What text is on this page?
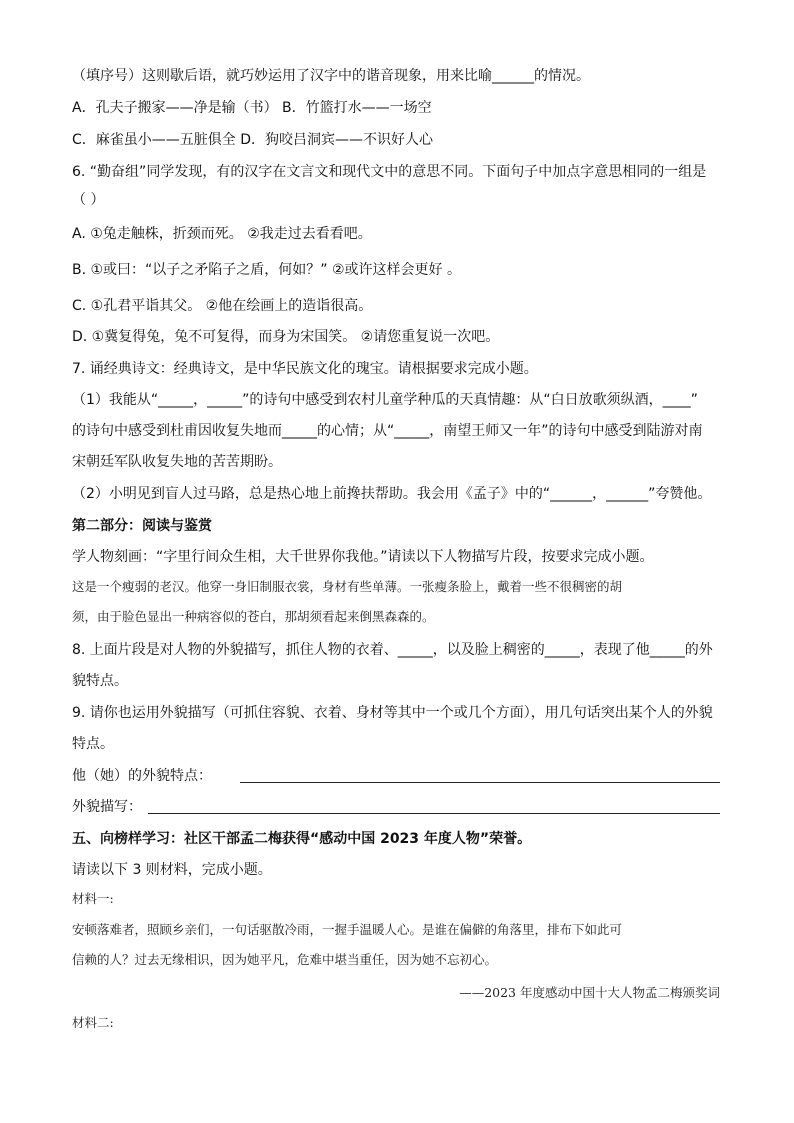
（填序号）这则歇后语，就巧妙运用了汉字中的谐音现象，用来比喻______的情况。
A．孔夫子搬家——净是输（书） B．竹篮打水——一场空
C．麻雀虽小——五脏俱全 D．狗咬吕洞宾——不识好人心
6. “勤奋组”同学发现，有的汉字在文言文和现代文中的意思不同。下面句子中加点字意思相同的一组是
（ ）
A. ①兔走触株，折颈而死。 ②我走过去看看吧。
B. ①或曰：“以子之矛陷子之盾，何如？” ②或许这样会更好 。
C. ①孔君平诣其父。 ②他在绘画上的造诣很高。
D. ①冀复得兔，兔不可复得，而身为宋国笑。 ②请您重复说一次吧。
7. 诵经典诗文：经典诗文，是中华民族文化的瑰宝。请根据要求完成小题。
（1）我能从“_____，_____”的诗句中感受到农村儿童学种瓜的天真情趣：从“白日放歌须纵酒，____”
的诗句中感受到杜甫因收复失地而_____的心情；从“_____，南望王师又一年”的诗句中感受到陆游对南
宋朝廷军队收复失地的苦苦期盼。
（2）小明见到盲人过马路，总是热心地上前搀扶帮助。我会用《孟子》中的“______，______”夸赞他。
第二部分：阅读与鉴赏
学人物刻画：“字里行间众生相，大千世界你我他。”请读以下人物描写片段，按要求完成小题。
这是一个瘦弱的老汉。他穿一身旧制服衣裳，身材有些单薄。一张瘦条脸上，戴着一些不很稠密的胡
须，由于脸色显出一种病容似的苍白，那胡须看起来倒黑森森的。
8. 上面片段是对人物的外貌描写，抓住人物的衣着、_____，以及脸上稠密的_____，表现了他_____的外
貌特点。
9. 请你也运用外貌描写（可抓住容貌、衣着、身材等其中一个或几个方面），用几句话突出某个人的外貌
特点。
他（她）的外貌特点：
外貌描写：
五、向榜样学习：社区干部孟二梅获得“感动中国 2023 年度人物”荣誉。
请读以下 3 则材料，完成小题。
材料一:
安顿落难者，照顾乡亲们，一句话驱散冷雨，一握手温暖人心。是谁在偏僻的角落里，排布下如此可
信赖的人？过去无缘相识，因为她平凡，危难中堪当重任，因为她不忘初心。
——2023 年度感动中国十大人物孟二梅颁奖词
材料二:
